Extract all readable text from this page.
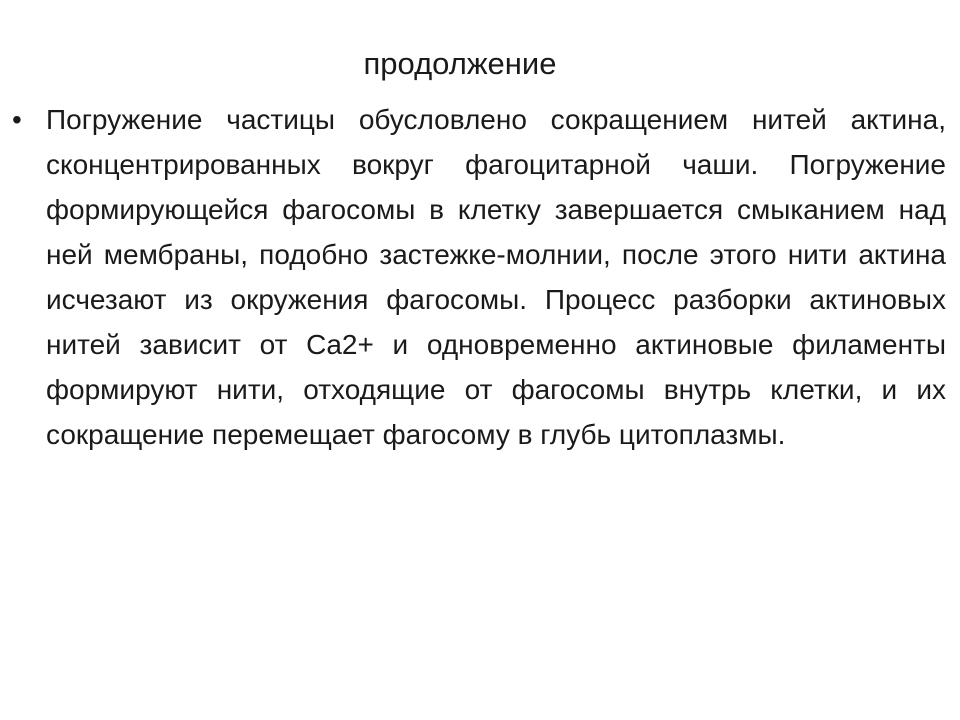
продолжение
• Погружение частицы обусловлено сокращением нитей актина, сконцентрированных вокруг фагоцитарной чаши. Погружение формирующейся фагосомы в клетку завершается смыканием над ней мембраны, подобно застежке-молнии, после этого нити актина исчезают из окружения фагосомы. Процесс разборки актиновых нитей зависит от Ca2+ и одновременно актиновые филаменты формируют нити, отходящие от фагосомы внутрь клетки, и их сокращение перемещает фагосому в глубь цитоплазмы.
